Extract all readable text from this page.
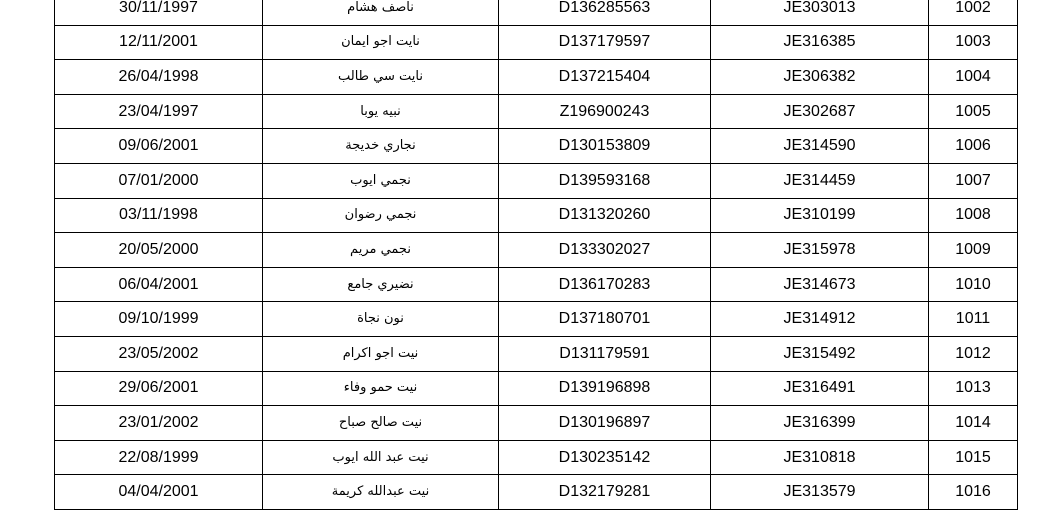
30/11/1997	ناصف هشام	D136285563	JE303013	1002
12/11/2001	نايت اجو ايمان	D137179597	JE316385	1003
26/04/1998	نايت سي طالب	D137215404	JE306382	1004
23/04/1997	نبيه يوبا	Z196900243	JE302687	1005
09/06/2001	نجاري خديجة	D130153809	JE314590	1006
07/01/2000	نجمي ايوب	D139593168	JE314459	1007
03/11/1998	نجمي رضوان	D131320260	JE310199	1008
20/05/2000	نجمي مريم	D133302027	JE315978	1009
06/04/2001	نضيري جامع	D136170283	JE314673	1010
09/10/1999	نون نجاة	D137180701	JE314912	1011
23/05/2002	نيت اجو اكرام	D131179591	JE315492	1012
29/06/2001	نيت حمو وفاء	D139196898	JE316491	1013
23/01/2002	نيت صالح صباح	D130196897	JE316399	1014
22/08/1999	نيت عبد الله ايوب	D130235142	JE310818	1015
04/04/2001	نيت عبدالله كريمة	D132179281	JE313579	1016
